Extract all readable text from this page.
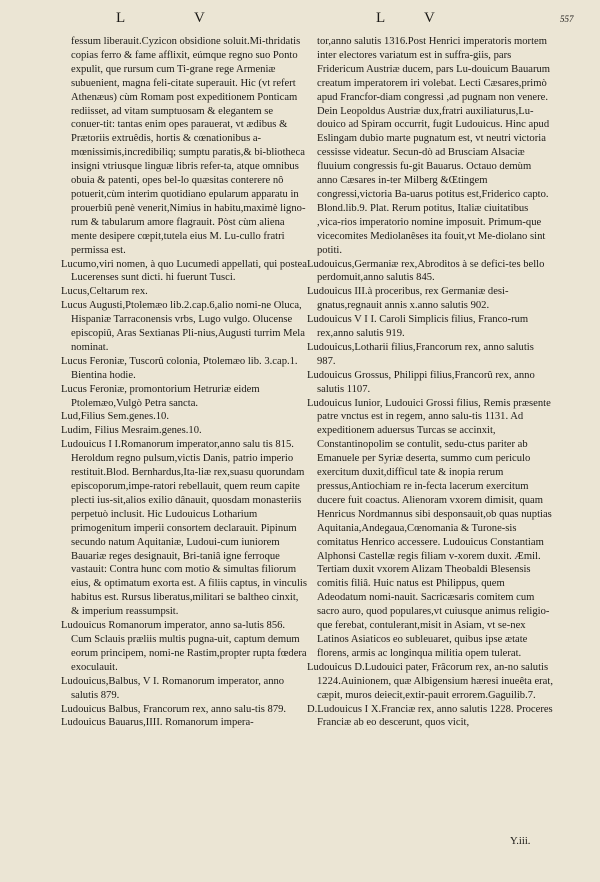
L	V	L	V	557

fessum liberauit.Cyzicon obsidione soluit.Mi-thridatis copias ferro & fame afflixit, eúmque regno suo Ponto expulit, que rursum cum Ti-grane rege Armeniæ subuenient, magna feli-citate superauit. Hic (vt refert Athenæus) cùm Romam post expeditionem Ponticam rediisset, ad vitam sumptuosam & elegantem se conuer-tit: tantas enim opes parauerat, vt ædibus & Prætoriis extruêdis, hortis & cœnationibus a-mœnissimis,incredibiliq; sumptu paratis,& bi-bliotheca insigni vtriusque linguæ libris refer-ta, atque omnibus obuia & patenti, opes bel-lo quæsitas conterere nô potuerit,cùm interim quotidiano epularum apparatu in prouerbiû penè venerit,Nimius in habitu,maximè ligno-rum & tabularum amore flagrauit. Pòst cùm aliena mente desipere cœpit,tutela eius M. Lu-cullo fratri permissa est.

Lucumo,viri nomen, à quo Lucumedi appellati, qui postea Lucerenses sunt dicti. hi fuerunt Tusci.

Lucus,Celtarum rex.

Lucus Augusti,Ptolemæo lib.2.cap.6,alio nomi-ne Oluca, Hispaniæ Tarraconensis vrbs, Lugo vulgo. Olucense episcopiû, Aras Sextianas Pli-nius,Augusti turrim Mela nominat.

Lucus Feroniæ, Tuscorû colonia, Ptolemæo lib. 3.cap.1. Bientina hodie.

Lucus Feroniæ, promontorium Hetruriæ eidem Ptolemæo,Vulgò Petra sancta.

Lud,Filius Sem.genes.10.

Ludim, Filius Mesraim.genes.10.

Ludouicus I I.Romanorum imperator,anno salu tis 815. Heroldum regno pulsum,victis Danis, patrio imperio restituit.Blod. Bernhardus,Ita-liæ rex,suasu quorundam episcoporum,impe-ratori rebellauit, quem reum capite plecti ius-sit,alios exilio dânauit, quosdam monasteriis perpetuò inclusit. Hic Ludouicus Lotharium primogenitum imperii consortem declarauit. Pipinum secundo natum Aquitaniæ, Ludoui-cum iuniorem Bauariæ reges designauit, Bri-taniâ igne ferroque vastauit: Contra hunc com motio & simultas filiorum eius, & optimatum exorta est. A filiis captus, in vinculis habitus est. Rursus liberatus,militari se baltheo cinxit, & imperium reassumpsit.

Ludouicus Romanorum imperator, anno sa-lutis 856. Cum Sclauis præliis multis pugna-uit, captum demum eorum principem, nomi-ne Rastim,propter rupta fœdera exoculauit.

Ludouicus,Balbus, V I. Romanorum imperator, anno salutis 879.

Ludouicus Balbus, Francorum rex, anno salu-tis 879.

Ludouicus Bauarus,IIII. Romanorum impera-

tor,anno salutis 1316.Post Henrici imperatoris mortem inter electores variatum est in suffra-giis, pars Fridericum Austriæ ducem, pars Lu-douicum Bauarum creatum imperatorem iri volebat. Lecti Cæsares,primò apud Francfor-diam congressi ,ad pugnam non venere. Dein Leopoldus Austriæ dux,fratri auxiliaturus,Lu-douico ad Spiram occurrit, fugit Ludouicus. Hinc apud Eslingam dubio marte pugnatum est, vt neutri victoria cessisse videatur. Secun-dò ad Brusciam Alsaciæ fluuium congressis fu-git Bauarus. Octauo demùm anno Cæsares in-ter Milberg &Œtingem congressi,victoria Ba-uarus potitus est,Friderico capto. Blond.lib.9. Plat. Rerum potitus, Italiæ ciuitatibus ,vica-rios imperatorio nomine imposuit. Primum-que vicecomites Mediolanêses ita fouit,vt Me-diolano sint potiti.

Ludouicus,Germaniæ rex,Abroditos à se defici-tes bello perdomuit,anno salutis 845.

Ludouicus III.à proceribus, rex Germaniæ desi-gnatus,regnauit annis x.anno salutis 902.

Ludouicus V I I. Caroli Simplicis filius, Franco-rum rex,anno salutis 919.

Ludouicus,Lotharii filius,Francorum rex, anno salutis 987.

Ludouicus Grossus, Philippi filius,Francorû rex, anno salutis 1107.

Ludouicus Iunior, Ludouici Grossi filius, Remis præsente patre vnctus est in regem, anno salu-tis 1131. Ad expeditionem aduersus Turcas se accinxit, Constantinopolim se contulit, sedu-ctus pariter ab Emanuele per Syriæ deserta, summo cum periculo exercitum duxit,difficul tate & inopia rerum pressus,Antiochiam re in-fecta lacerum exercitum ducere fuit coactus. Alienoram vxorem dimisit, quam Henricus Nordmannus sibi desponsauit,ob quas nuptias Aquitania,Andegaua,Cœnomania & Turone-sis comitatus Henrico accessere. Ludouicus Constantiam Alphonsi Castellæ regis filiam v-xorem duxit. Æmil. Tertiam duxit vxorem Alizam Theobaldi Blesensis comitis filiâ. Huic natus est Philippus, quem Adeodatum nomi-nauit. Sacricæsaris comitem cum sacro auro, quod populares,vt cuiusque animus religio-que ferebat, contulerant,misit in Asiam, vt se-nex Latinos Asiaticos eo subleuaret, quibus ipse ætate florens, armis ac longinqua militia opem tulerat.

Ludouicus D.Ludouici pater, Frâcorum rex, an-no salutis 1224.Auinionem, quæ Albigensium hæresi inueêta erat, cæpit, muros deiecit,extir-pauit errorem.Gaguilib.7.

D.Ludouicus I X.Franciæ rex, anno salutis 1228. Proceres Franciæ ab eo descerunt, quos vicit,

Y.iii.
